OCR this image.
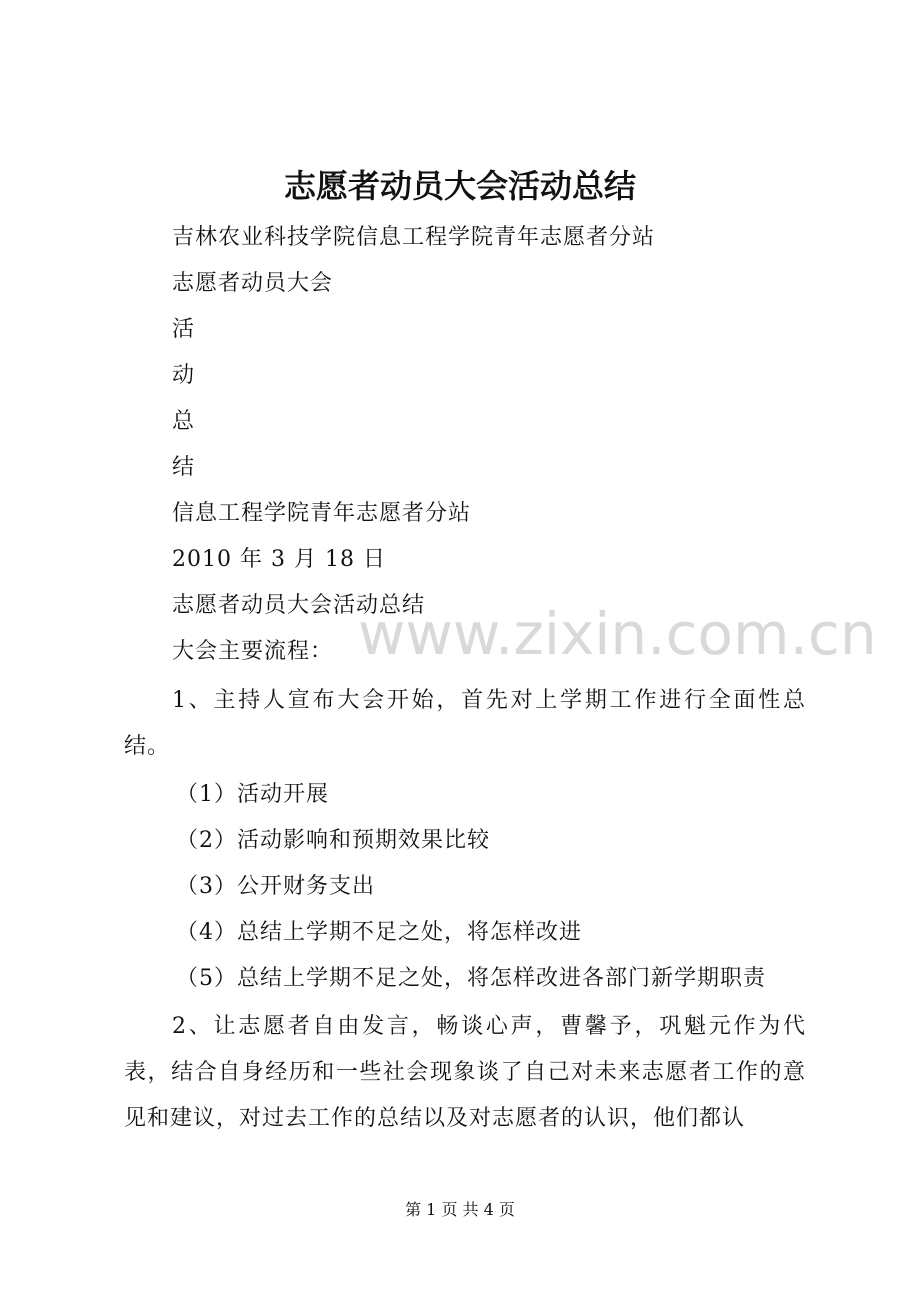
志愿者动员大会活动总结
吉林农业科技学院信息工程学院青年志愿者分站
志愿者动员大会
活
动
总
结
信息工程学院青年志愿者分站
2010 年 3 月 18 日
志愿者动员大会活动总结
大会主要流程：
1、主持人宣布大会开始，首先对上学期工作进行全面性总结。
（1）活动开展
（2）活动影响和预期效果比较
（3）公开财务支出
（4）总结上学期不足之处，将怎样改进
（5）总结上学期不足之处，将怎样改进各部门新学期职责
2、让志愿者自由发言，畅谈心声，曹馨予，巩魁元作为代表，结合自身经历和一些社会现象谈了自己对未来志愿者工作的意见和建议，对过去工作的总结以及对志愿者的认识，他们都认
www.zixin.com.cn
第 1 页 共 4 页
